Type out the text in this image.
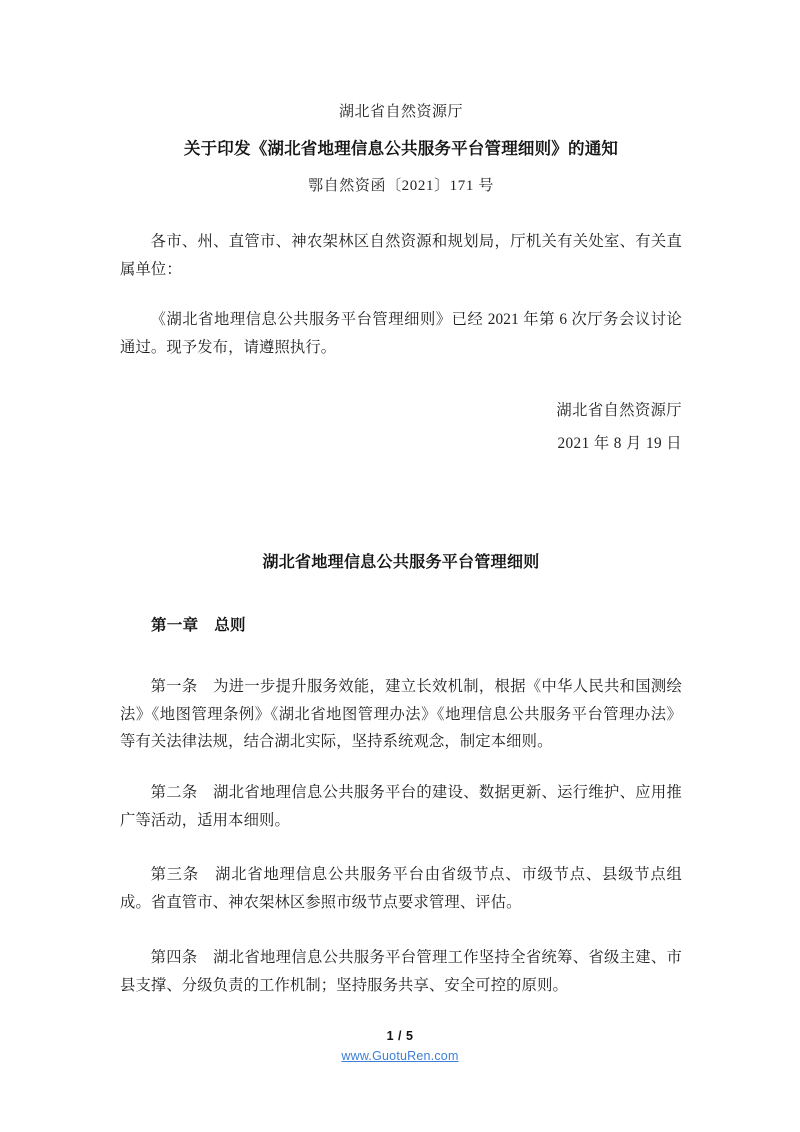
湖北省自然资源厅
关于印发《湖北省地理信息公共服务平台管理细则》的通知
鄂自然资函〔2021〕171 号
各市、州、直管市、神农架林区自然资源和规划局，厅机关有关处室、有关直属单位：
《湖北省地理信息公共服务平台管理细则》已经 2021 年第 6 次厅务会议讨论通过。现予发布，请遵照执行。
湖北省自然资源厅
2021 年 8 月 19 日
湖北省地理信息公共服务平台管理细则
第一章　总则
第一条　为进一步提升服务效能，建立长效机制，根据《中华人民共和国测绘法》《地图管理条例》《湖北省地图管理办法》《地理信息公共服务平台管理办法》等有关法律法规，结合湖北实际，坚持系统观念，制定本细则。
第二条　湖北省地理信息公共服务平台的建设、数据更新、运行维护、应用推广等活动，适用本细则。
第三条　湖北省地理信息公共服务平台由省级节点、市级节点、县级节点组成。省直管市、神农架林区参照市级节点要求管理、评估。
第四条　湖北省地理信息公共服务平台管理工作坚持全省统筹、省级主建、市县支撑、分级负责的工作机制；坚持服务共享、安全可控的原则。
1 / 5
www.GuotuRen.com
